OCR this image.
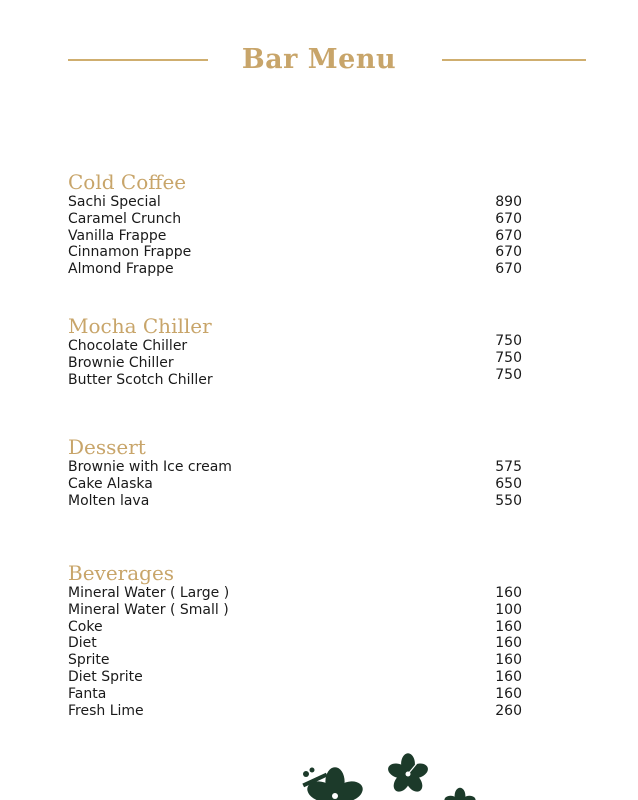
Bar Menu
Cold Coffee
Sachi Special	890
Caramel Crunch	670
Vanilla Frappe	670
Cinnamon Frappe	670
Almond Frappe	670
Mocha Chiller
Chocolate Chiller	750
Brownie Chiller	750
Butter Scotch Chiller	750
Dessert
Brownie with Ice cream	575
Cake Alaska	650
Molten lava	550
Beverages
Mineral Water ( Large )	160
Mineral Water ( Small )	100
Coke	160
Diet	160
Sprite	160
Diet Sprite	160
Fanta	160
Fresh Lime	260
